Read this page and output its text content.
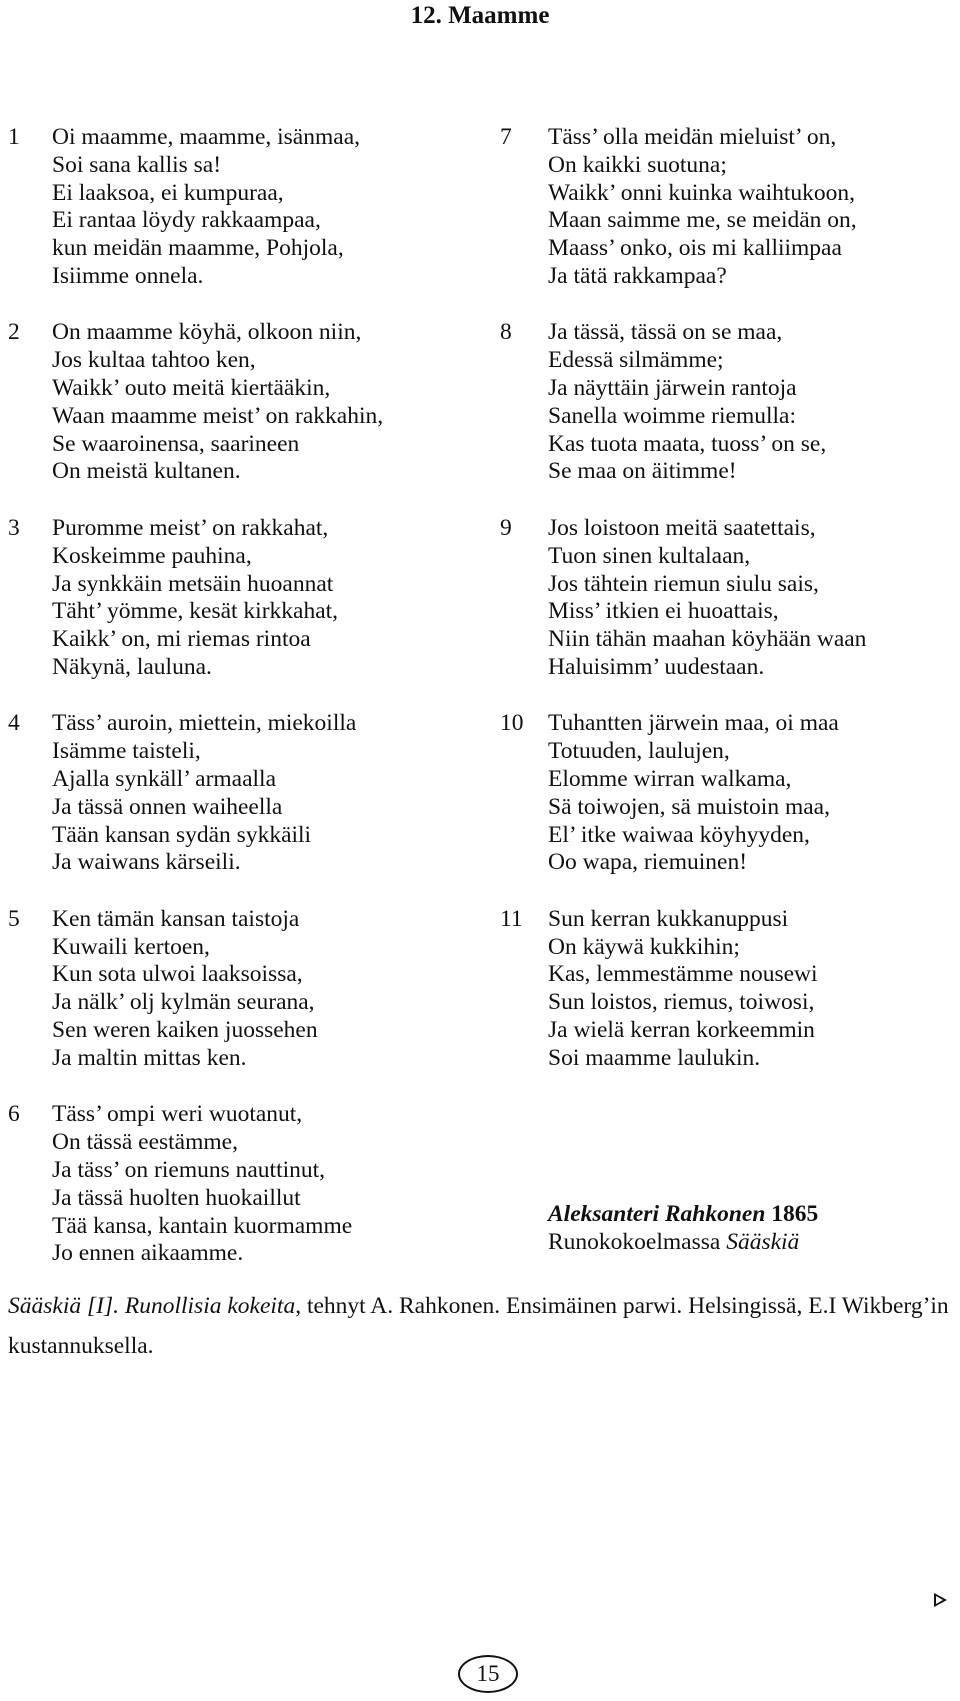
12. Maamme
1	Oi maamme, maamme, isänmaa,
Soi sana kallis sa!
Ei laaksoa, ei kumpuraa,
Ei rantaa löydy rakkaampaa,
kun meidän maamme, Pohjola,
Isiimme onnela.
2	On maamme köyhä, olkoon niin,
Jos kultaa tahtoo ken,
Waikk’ outo meitä kiertääkin,
Waan maamme meist’ on rakkahin,
Se waaroinensa, saarineen
On meistä kultanen.
3	Puromme meist’ on rakkahat,
Koskeimme pauhina,
Ja synkkäin metsäin huoannat
Täht’ yömme, kesät kirkkahat,
Kaikk’ on, mi riemas rintoa
Näkynä, lauluna.
4	Täss’ auroin, miettein, miekoilla
Isämme taisteli,
Ajalla synkäll’ armaalla
Ja tässä onnen waiheella
Tään kansan sydän sykkäili
Ja waiwans kärseili.
5	Ken tämän kansan taistoja
Kuwaili kertoen,
Kun sota ulwoi laaksoissa,
Ja nälk’ olj kylmän seurana,
Sen weren kaiken juossehen
Ja maltin mittas ken.
6	Täss’ ompi weri wuotanut,
On tässä eestämme,
Ja täss’ on riemuns nauttinut,
Ja tässä huolten huokaillut
Tää kansa, kantain kuormamme
Jo ennen aikaamme.
7	Täss’ olla meidän mieluist’ on,
On kaikki suotuna;
Waikk’ onni kuinka waihtukoon,
Maan saimme me, se meidän on,
Maass’ onko, ois mi kalliimpaa
Ja tätä rakkampaa?
8	Ja tässä, tässä on se maa,
Edessä silmämme;
Ja näyttäin järwein rantoja
Sanella woimme riemulla:
Kas tuota maata, tuoss’ on se,
Se maa on äitimme!
9	Jos loistoon meitä saatettais,
Tuon sinen kultalaan,
Jos tähtein riemun siulu sais,
Miss’ itkien ei huoattais,
Niin tähän maahan köyhään waan
Haluisimm’ uudestaan.
10	Tuhantten järwein maa, oi maa
Totuuden, laulujen,
Elomme wirran walkama,
Sä toiwojen, sä muistoin maa,
El’ itke waiwaa köyhyyden,
Oo wapa, riemuinen!
11	Sun kerran kukkanuppusi
On käywä kukkihin;
Kas, lemmestämme nousewi
Sun loistos, riemus, toiwosi,
Ja wielä kerran korkeemmin
Soi maamme laulukin.
Aleksanteri Rahkonen 1865
Runokokoelmassa Sääskiä
Sääskiä [I]. Runollisia kokeita, tehnyt A. Rahkonen. Ensimäinen parwi. Helsingissä, E.I Wikberg’in kustannuksella.
15
